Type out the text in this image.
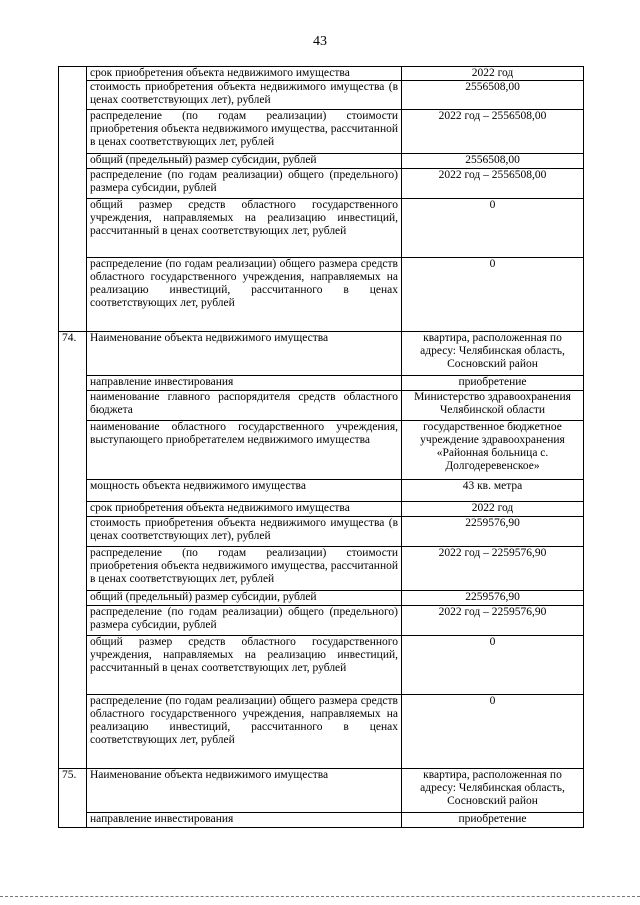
43
	срок приобретения объекта недвижимого имущества	2022 год
	стоимость приобретения объекта недвижимого имущества (в ценах соответствующих лет), рублей	2556508,00
	распределение (по годам реализации) стоимости приобретения объекта недвижимого имущества, рассчитанной в ценах соответствующих лет, рублей	2022 год – 2556508,00
	общий (предельный) размер субсидии, рублей	2556508,00
	распределение (по годам реализации) общего (предельного) размера субсидии, рублей	2022 год – 2556508,00
	общий размер средств областного государственного учреждения, направляемых на реализацию инвестиций, рассчитанный в ценах соответствующих лет, рублей	0
	распределение (по годам реализации) общего размера средств областного государственного учреждения, направляемых на реализацию инвестиций, рассчитанного в ценах соответствующих лет, рублей	0
74.	Наименование объекта недвижимого имущества	квартира, расположенная по адресу: Челябинская область, Сосновский район
	направление инвестирования	приобретение
	наименование главного распорядителя средств областного бюджета	Министерство здравоохранения Челябинской области
	наименование областного государственного учреждения, выступающего приобретателем недвижимого имущества	государственное бюджетное учреждение здравоохранения «Районная больница с. Долгодеревенское»
	мощность объекта недвижимого имущества	43 кв. метра
	срок приобретения объекта недвижимого имущества	2022 год
	стоимость приобретения объекта недвижимого имущества (в ценах соответствующих лет), рублей	2259576,90
	распределение (по годам реализации) стоимости приобретения объекта недвижимого имущества, рассчитанной в ценах соответствующих лет, рублей	2022 год – 2259576,90
	общий (предельный) размер субсидии, рублей	2259576,90
	распределение (по годам реализации) общего (предельного) размера субсидии, рублей	2022 год – 2259576,90
	общий размер средств областного государственного учреждения, направляемых на реализацию инвестиций, рассчитанный в ценах соответствующих лет, рублей	0
	распределение (по годам реализации) общего размера средств областного государственного учреждения, направляемых на реализацию инвестиций, рассчитанного в ценах соответствующих лет, рублей	0
75.	Наименование объекта недвижимого имущества	квартира, расположенная по адресу: Челябинская область, Сосновский район
	направление инвестирования	приобретение
